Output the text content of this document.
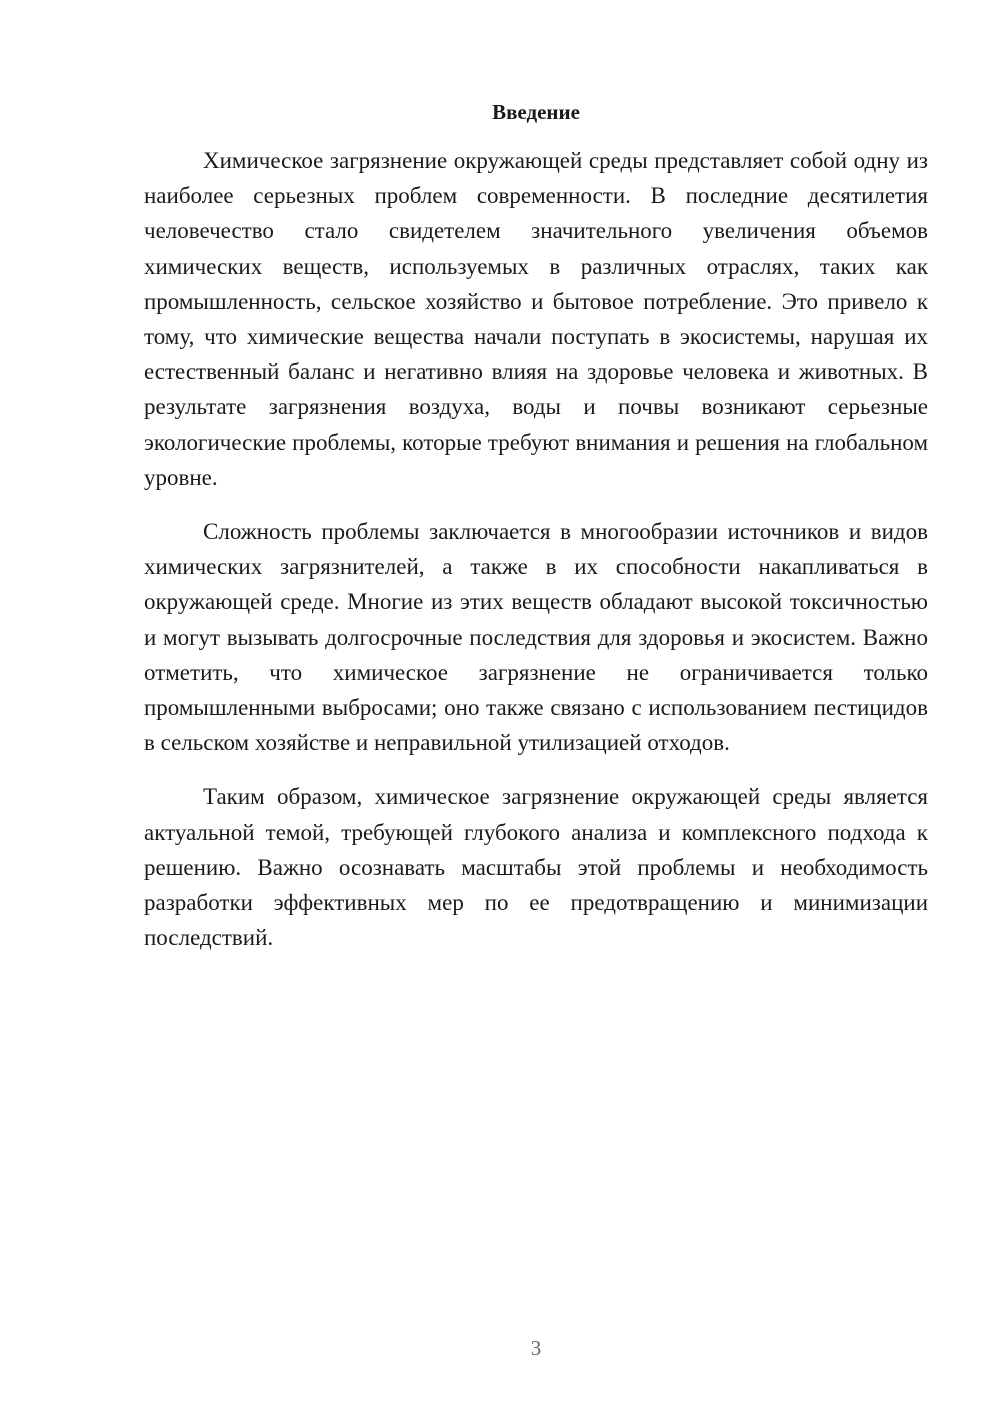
Введение

Химическое загрязнение окружающей среды представляет собой одну из наиболее серьезных проблем современности. В последние десятилетия человечество стало свидетелем значительного увеличения объемов химических веществ, используемых в различных отраслях, таких как промышленность, сельское хозяйство и бытовое потребление. Это привело к тому, что химические вещества начали поступать в экосистемы, нарушая их естественный баланс и негативно влияя на здоровье человека и животных. В результате загрязнения воздуха, воды и почвы возникают серьезные экологические проблемы, которые требуют внимания и решения на глобальном уровне.

Сложность проблемы заключается в многообразии источников и видов химических загрязнителей, а также в их способности накапливаться в окружающей среде. Многие из этих веществ обладают высокой токсичностью и могут вызывать долгосрочные последствия для здоровья и экосистем. Важно отметить, что химическое загрязнение не ограничивается только промышленными выбросами; оно также связано с использованием пестицидов в сельском хозяйстве и неправильной утилизацией отходов.

Таким образом, химическое загрязнение окружающей среды является актуальной темой, требующей глубокого анализа и комплексного подхода к решению. Важно осознавать масштабы этой проблемы и необходимость разработки эффективных мер по ее предотвращению и минимизации последствий.

3
